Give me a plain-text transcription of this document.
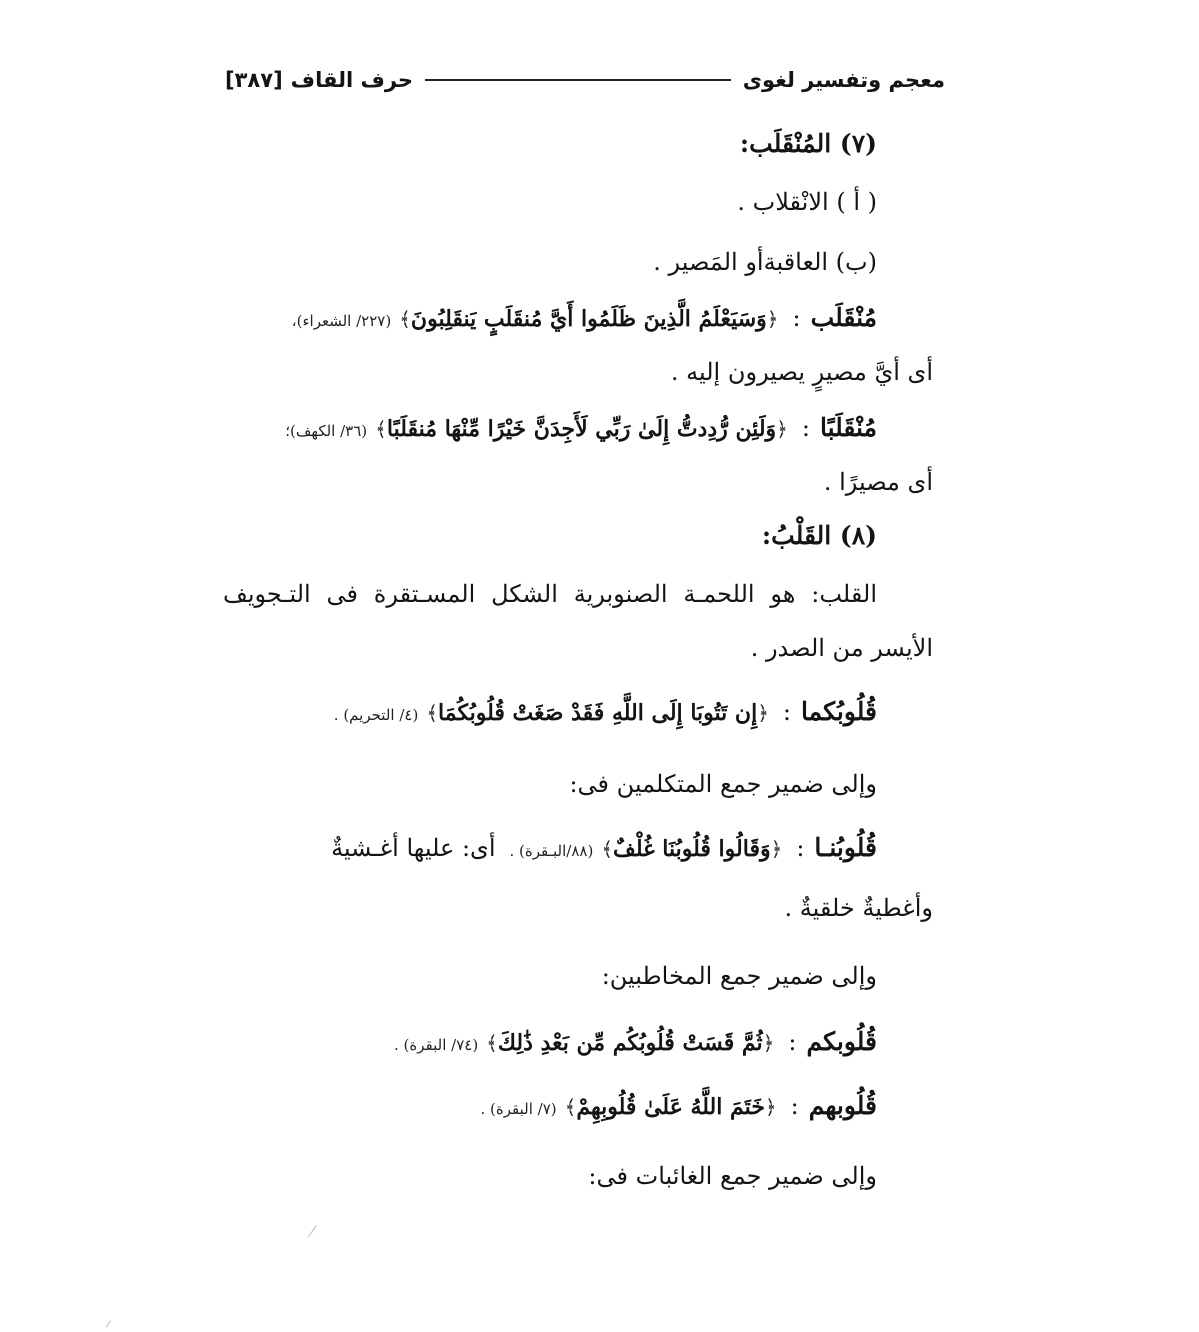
معجم وتفسير لغوى
حرف القاف
[٣٨٧]
(٧) المُنْقَلَب:
( أ ) الانْقلاب .
(ب) العاقبةأو المَصير .
مُنْقَلَب:﴿وَسَيَعْلَمُ الَّذِينَ ظَلَمُوا أَيَّ مُنقَلَبٍ يَنقَلِبُونَ﴾(٢٢٧/ الشعراء)،
أى أيَّ مصيرٍ يصيرون إليه .
مُنْقَلَبًا:﴿وَلَئِن رُّدِدتُّ إِلَىٰ رَبِّي لَأَجِدَنَّ خَيْرًا مِّنْهَا مُنقَلَبًا﴾(٣٦/ الكهف)؛
أى مصيرًا .
(٨) القَلْبُ:
القلب: هو اللحمـة الصنوبرية الشكل المسـتقرة فى التـجويف
الأيسر من الصدر .
قُلُوبُكما:﴿إِن تَتُوبَا إِلَى اللَّهِ فَقَدْ صَغَتْ قُلُوبُكُمَا﴾(٤/ التحريم) .
وإلى ضمير جمع المتكلمين فى:
قُلُوبُنـا:﴿وَقَالُوا قُلُوبُنَا غُلْفٌ﴾(٨٨/البـقرة) .أى: عليها أغـشيةٌ
وأغطيةٌ خلقيةٌ .
وإلى ضمير جمع المخاطبين:
قُلُوبكم:﴿ثُمَّ قَسَتْ قُلُوبُكُم مِّن بَعْدِ ذَٰلِكَ﴾(٧٤/ البقرة) .
قُلُوبهم:﴿خَتَمَ اللَّهُ عَلَىٰ قُلُوبِهِمْ﴾(٧/ البقرة) .
وإلى ضمير جمع الغائبات فى:
